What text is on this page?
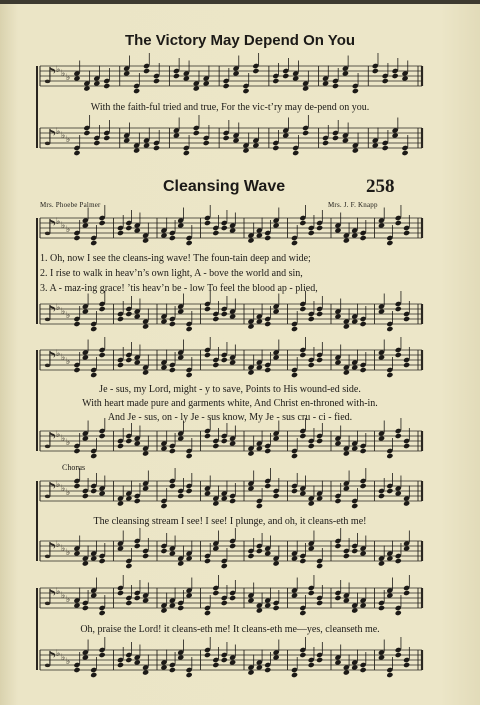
The Victory May Depend On You
♪
♭ ♭ ♭
♪
♭ ♭ ♭
♪
♭ ♭ ♭
♪
♭ ♭ ♭
♪
♭ ♭ ♭
♪
♭ ♭ ♭
♪
♭ ♭ ♭
♪
♭ ♭ ♭
♪
♭ ♭ ♭
♪
♭ ♭ ♭
With the faith-ful tried and true, For the vic-t’ry may de-pend on you.
Cleansing Wave	258
Mrs. Phoebe Palmer	Mrs. J. F. Knapp
1. Oh, now I see the cleans-ing wave! The foun-tain deep and wide;
2. I rise to walk in heav’n’s own light, A - bove the world and sin,
3. A - maz-ing grace! ’tis heav’n be - low To feel the blood ap - plied,
Je - sus, my Lord, might - y to save, Points to His wound-ed side.
With heart made pure and garments white, And Christ en-throned with-in.
And Je - sus, on - ly Je - sus know, My Je - sus cru - ci - fied.
Chorus
The cleansing stream I see! I see! I plunge, and oh, it cleans-eth me!
Oh, praise the Lord! it cleans-eth me! It cleans-eth me—yes, cleanseth me.
